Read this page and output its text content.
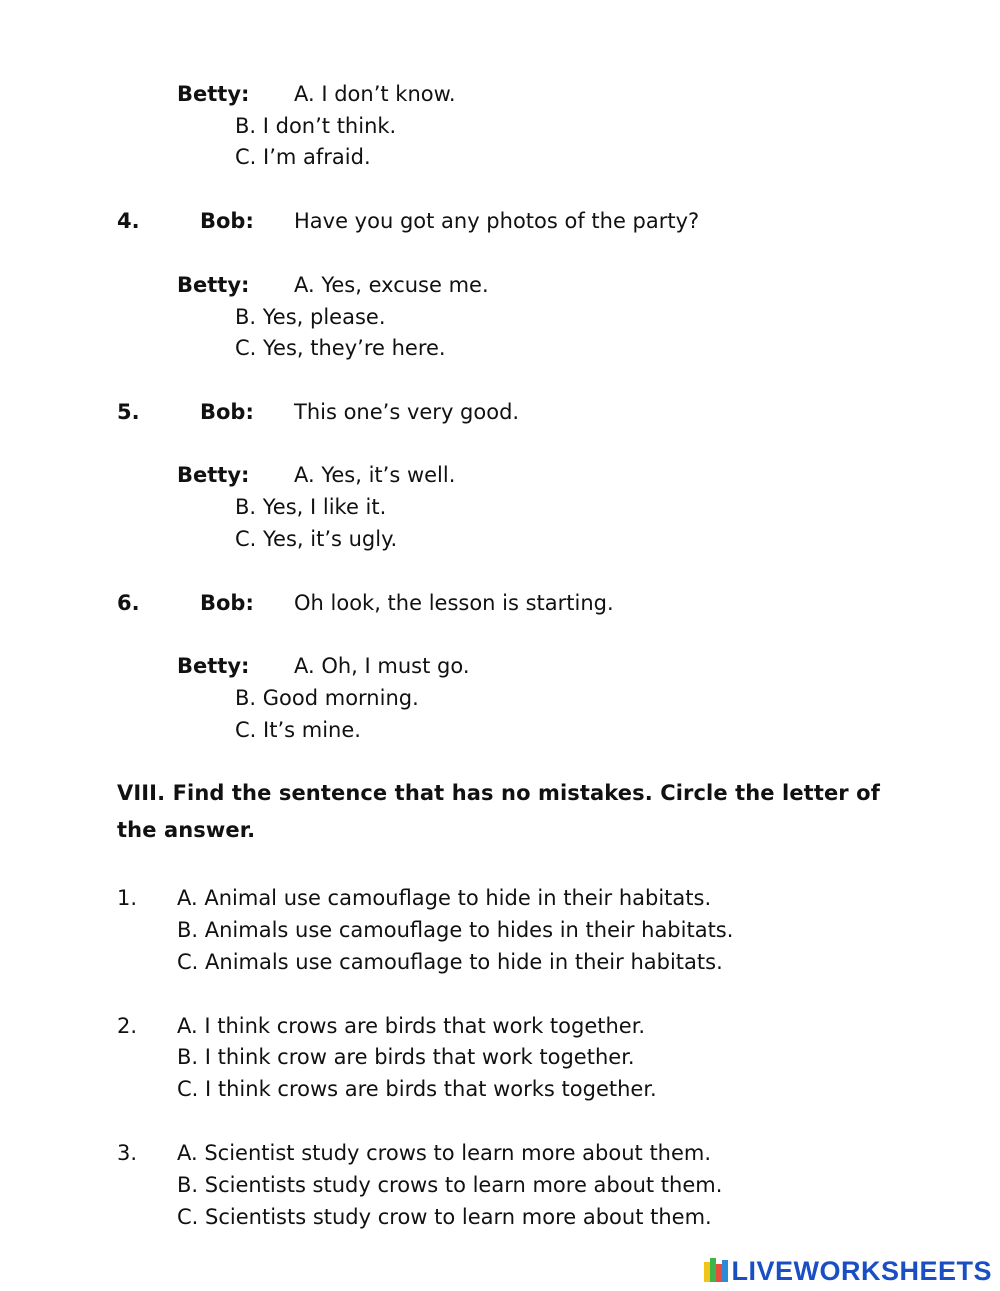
Betty: A. I don’t know.
B. I don’t think.
C. I’m afraid.
4.	Bob: Have you got any photos of the party?
Betty: A. Yes, excuse me.
B. Yes, please.
C. Yes, they’re here.
5.	Bob: This one’s very good.
Betty: A. Yes, it’s well.
B. Yes, I like it.
C. Yes, it’s ugly.
6.	Bob: Oh look, the lesson is starting.
Betty: A. Oh, I must go.
B. Good morning.
C. It’s mine.
VIII. Find the sentence that has no mistakes. Circle the letter of
the answer.
1. A. Animal use camouflage to hide in their habitats.
B. Animals use camouflage to hides in their habitats.
C. Animals use camouflage to hide in their habitats.
2. A. I think crows are birds that work together.
B. I think crow are birds that work together.
C. I think crows are birds that works together.
3. A. Scientist study crows to learn more about them.
B. Scientists study crows to learn more about them.
C. Scientists study crow to learn more about them.
LIVEWORKSHEETS
